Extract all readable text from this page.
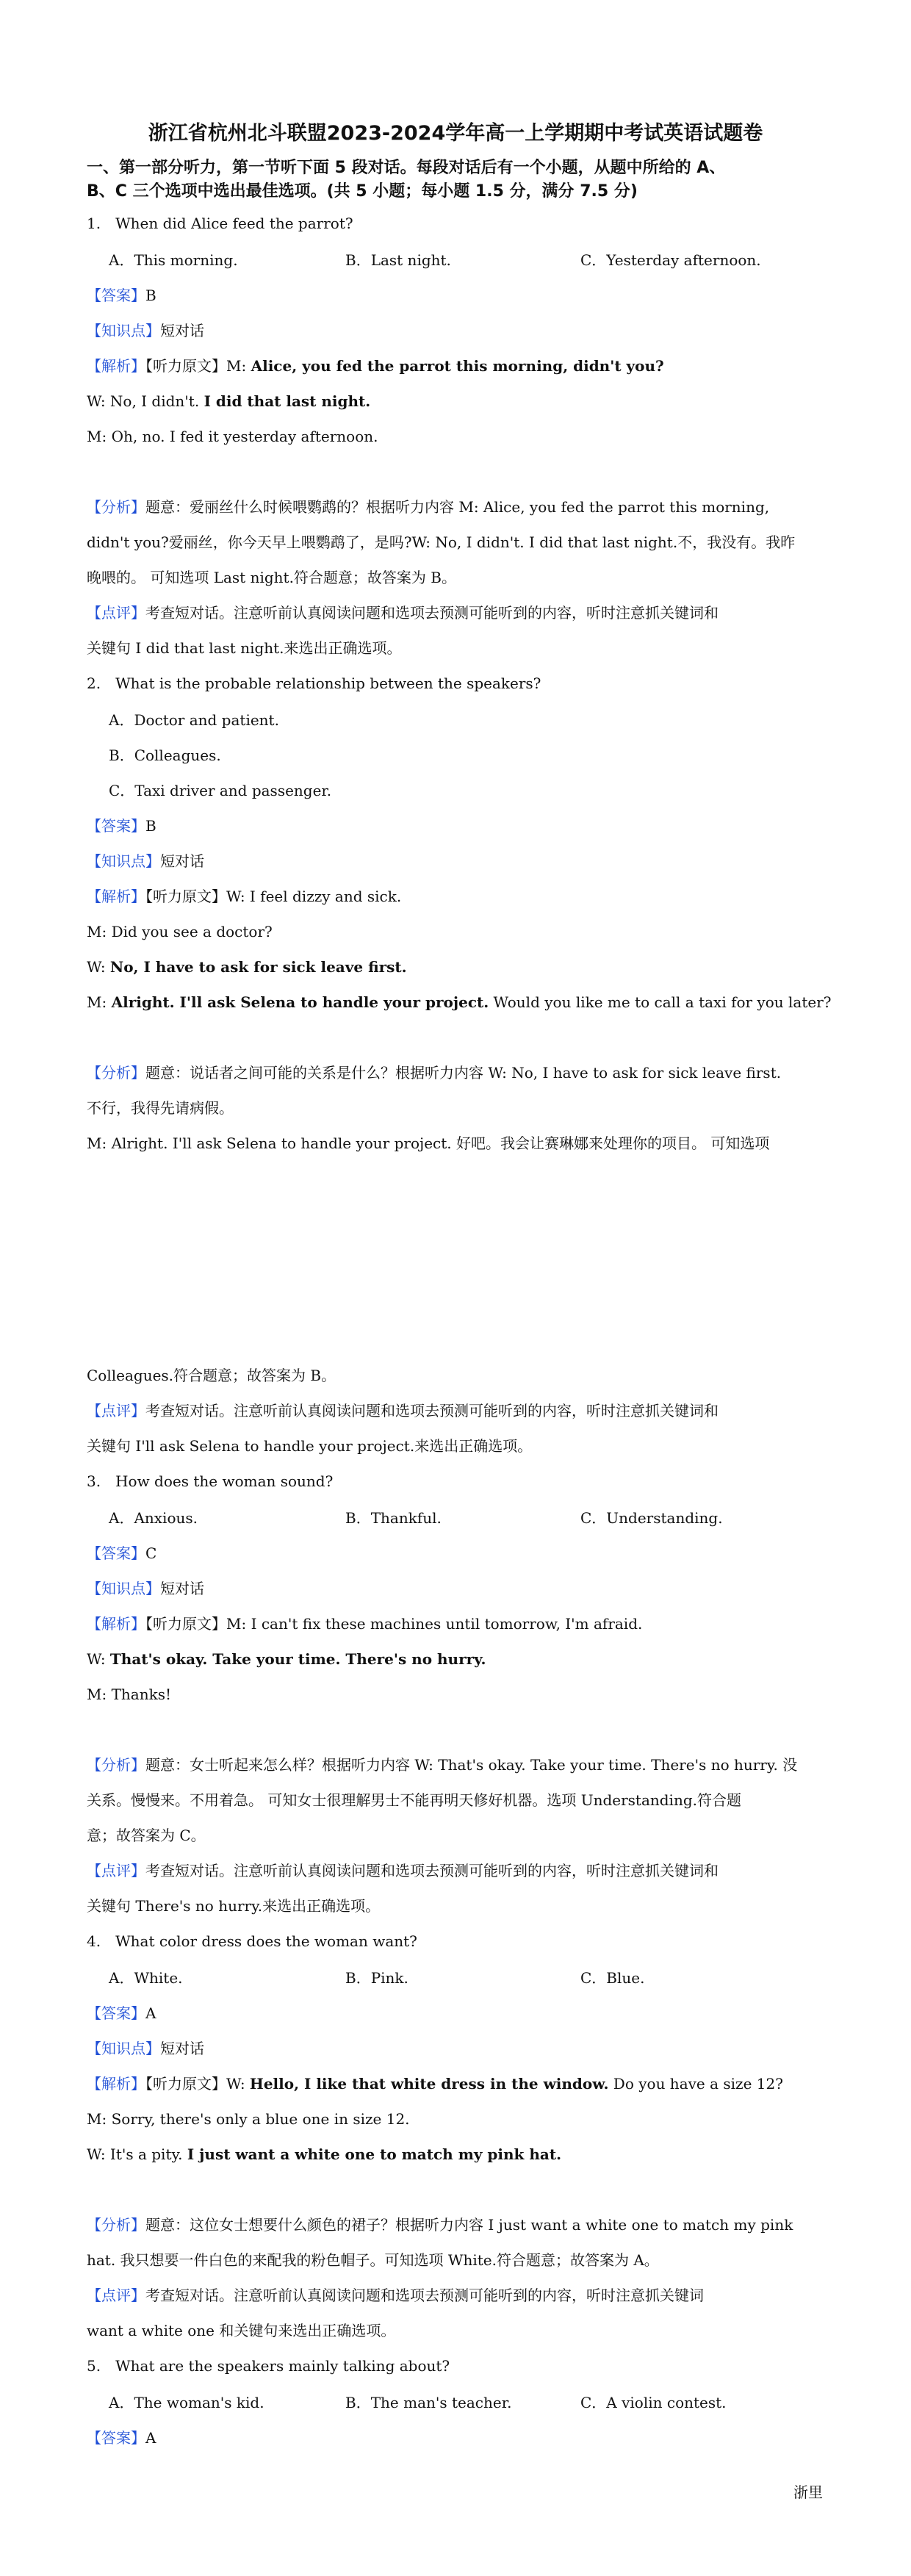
浙江省杭州北斗联盟2023-2024学年高一上学期期中考试英语试题卷
一、第一部分听力，第一节听下面 5 段对话。每段对话后有一个小题，从题中所给的 A、
B、C 三个选项中选出最佳选项。(共 5 小题；每小题 1.5 分，满分 7.5 分)
1.　When did Alice feed the parrot?
A．This morning.	B．Last night.	C．Yesterday afternoon.
【答案】B
【知识点】短对话
【解析】【听力原文】M: Alice, you fed the parrot this morning, didn't you?
W: No, I didn't. I did that last night.
M: Oh, no. I fed it yesterday afternoon.
【分析】题意：爱丽丝什么时候喂鹦鹉的？根据听力内容 M: Alice, you fed the parrot this morning,
didn't you?爱丽丝，你今天早上喂鹦鹉了，是吗?W: No, I didn't. I did that last night.不，我没有。我昨
晚喂的。 可知选项 Last night.符合题意；故答案为 B。
【点评】考查短对话。注意听前认真阅读问题和选项去预测可能听到的内容，听时注意抓关键词和
关键句 I did that last night.来选出正确选项。
2.　What is the probable relationship between the speakers?
A．Doctor and patient.
B．Colleagues.
C．Taxi driver and passenger.
【答案】B
【知识点】短对话
【解析】【听力原文】W: I feel dizzy and sick.
M: Did you see a doctor?
W: No, I have to ask for sick leave first.
M: Alright. I'll ask Selena to handle your project. Would you like me to call a taxi for you later?
【分析】题意：说话者之间可能的关系是什么？根据听力内容 W: No, I have to ask for sick leave first.
不行，我得先请病假。
M: Alright. I'll ask Selena to handle your project. 好吧。我会让赛琳娜来处理你的项目。 可知选项
Colleagues.符合题意；故答案为 B。
【点评】考查短对话。注意听前认真阅读问题和选项去预测可能听到的内容，听时注意抓关键词和
关键句 I'll ask Selena to handle your project.来选出正确选项。
3.　How does the woman sound?
A．Anxious.	B．Thankful.	C．Understanding.
【答案】C
【知识点】短对话
【解析】【听力原文】M: I can't fix these machines until tomorrow, I'm afraid.
W: That's okay. Take your time. There's no hurry.
M: Thanks!
【分析】题意：女士听起来怎么样？根据听力内容 W: That's okay. Take your time. There's no hurry. 没
关系。慢慢来。不用着急。 可知女士很理解男士不能再明天修好机器。选项 Understanding.符合题
意；故答案为 C。
【点评】考查短对话。注意听前认真阅读问题和选项去预测可能听到的内容，听时注意抓关键词和
关键句 There's no hurry.来选出正确选项。
4.　What color dress does the woman want?
A．White.	B．Pink.	C．Blue.
【答案】A
【知识点】短对话
【解析】【听力原文】W: Hello, I like that white dress in the window. Do you have a size 12?
M: Sorry, there's only a blue one in size 12.
W: It's a pity. I just want a white one to match my pink hat.
【分析】题意：这位女士想要什么颜色的裙子？根据听力内容 I just want a white one to match my pink
hat. 我只想要一件白色的来配我的粉色帽子。可知选项 White.符合题意；故答案为 A。
【点评】考查短对话。注意听前认真阅读问题和选项去预测可能听到的内容，听时注意抓关键词
want a white one 和关键句来选出正确选项。
5.　What are the speakers mainly talking about?
A．The woman's kid.	B．The man's teacher.	C．A violin contest.
【答案】A
浙里
